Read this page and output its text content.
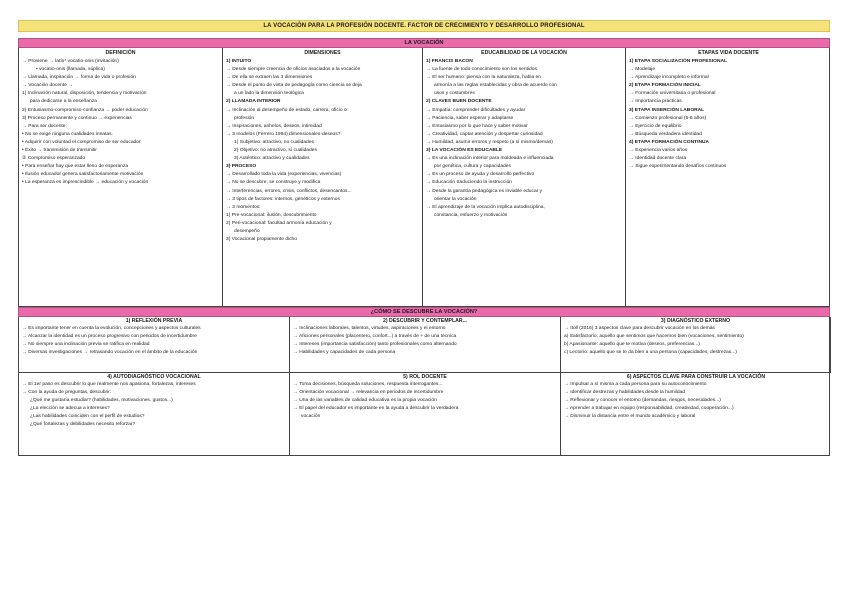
LA VOCACIÓN PARA LA PROFESIÓN DOCENTE. FACTOR DE CRECIMIENTO Y DESARROLLO PROFESIONAL
LA VOCACIÓN
DEFINICIÓN
→ Proviene → latín* vocatio-onis (invitación)
• vocatio-onis (llamada, súplica)
→ Llamada, inspiración → forma de vida o profesión
→ Vocación docente →
1) Inclinación natural, disposición, tendencia y motivación
para dedicarse a la enseñanza
2) Entusiasmo-compromiso-confianza → poder educación
3) Proceso permanente y continuo → experiencias
→ Para ser docente:
• No se exige ninguna cualidades innatas.
• Adquirir con voluntad el compromiso de ser educador
• Éxito → transmisión de transmitir
② Compromiso esperanzado
• Para enseñar hay que estar lleno de esperanza
• Ilusión educador genera satisfactoriamente motivación
• La esperanza es imprescindible → educación y vocación
DIMENSIONES
1) INTUITO
→ Desde siempre creencia de oficios asociados a la vocación
→ De ella se extraen las 3 dimensiones
→ Desde el punto de vista de pedagogía como ciencia se deja
a un lado la dimensión teológica
2) LLAMADA INTERIOR
→ Inclinación al desempeño de estado, carrera, oficio o
profesión
→ Inspiraciones, anhelos, deseos, intimidad
→ 3 modelos (Ferrero 1994) dimensionales-deseos?
1) Subjetivo: atractivo, no cualidades
2) Objetivo: no atractivo, sí cualidades
3) Auténtico: atractivo y cualidades
3) PROCESO
→ Desarrollado toda la vida (experiencias, vivencias)
→ No se descubre, se construye y modifica
→ Interferencias, errores, crisis, conflictos, desencantos...
→ 3 tipos de factores: internos, genéticos y externos
→ 3 momentos:
1) Pre-vocacional: ilusión, descubrimiento
2) Peri-vocacional: facultad armonía educación y
desempeño
3) Vocacional propiamente dicho
EDUCABILIDAD DE LA VOCACIÓN
1) FRANCIS BACON
→ La fuente de todo conocimiento son los sentidos
→ El ser humano: piensa con la naturaleza, habla en
armonía a las reglas establecidas y obra de acuerdo con
usos y costumbres
2) CLAVES BUEN DOCENTE
→ Empatía: comprender dificultades y ayudar
→ Paciencia, saber esperar y adaptarse
→ Entusiasmo por lo que hace y saber motivar
→ Creatividad, captar atención y despertar curiosidad
→ Humildad, asumir errores y respeto (a sí mismo/demás)
3) LA VOCACIÓN ES EDUCABLE
→ Es una inclinación interior para moldeada e influenciada
por genética, cultura y capacidades
→ Es un proceso de ayuda y desarrollo perfectivo
→ Educación traduciendo la instrucción
→ Desde la garantía pedagógica es inviable educar y
orientar la vocación
→ El aprendizaje de la vocación implica autodisciplina,
constancia, esfuerzo y motivación
ETAPAS VIDA DOCENTE
1) ETAPA SOCIALIZACIÓN PROFESIONAL
→ Modelaje
→ Aprendizaje incompleto e informal
2) ETAPA FORMACIÓN INICIAL
→ Formación universitaria o profesional
→ Importancia prácticas
3) ETAPA INSERCIÓN LABORAL
→ Comienzo profesional (5-6 años)
→ Ejercicio de equilibrio
→ Búsqueda verdadera identidad
4) ETAPA FORMACIÓN CONTINUA
→ Experiencia varios años
→ Identidad docente clara
→ Sigue experimentando desafíos continuos
¿CÓMO SE DESCUBRE LA VOCACIÓN?
1) REFLEXIÓN PREVIA
→ Es importante tener en cuenta la evolución, concepciones y aspectos culturales
→ Alcanzar la identidad es un proceso progresivo con periodos de incertidumbre
→ No siempre una inclinación previa se ratifica en realidad
→ Diversas investigaciones → retrasando vocación en el ámbito de la educación
2) DESCUBRIR Y CONTEMPLAR...
→ Inclinaciones laborales, talentos, virtudes, aspiraciones y el entorno
→ Aficiones personales (placentero, confort...) a través de + de una técnica
→ Intereses (importancia satisfacción) tanto profesionales como alternando
→ Habilidades y capacidades de cada persona
3) DIAGNÓSTICO EXTERNO
→ Itoll (2016) 3 aspectos clave para descubrir vocación en los demás
a) Satisfactorio: aquello que sentimos que hacemos bien (vocaciones, sentimiento)
b) Apasionante: aquello que te motiva (deseos, preferencias...)
c) Lectorio: aquello que se te da bien a una persona (capacidades, destrezas...)
4) AUTODIAGNÓSTICO VOCACIONAL
→ El 1er paso es descubrir lo que realmente nos apasiona, fortalezas, intereses
→ Con la ayuda de preguntas, descubrir:
¿Qué me gustaría estudiar? (habilidades, motivaciones, gustos...)
¿La elección se adecua a intereses?
¿Las habilidades coinciden con el perfil de estudios?
¿Qué fortalezas y debilidades necesito reforzar?
5) ROL DOCENTE
→ Toma decisiones, búsqueda soluciones, respuesta interrogantes...
→ Orientación vocacional → relevancia en periodos de incertidumbre
→ Una de las variables de calidad educativa es la propia vocación
→ El papel del educador es importante en la ayuda a descubrir la verdadera
vocación
6) ASPECTOS CLAVE PARA CONSTRUIR LA VOCACIÓN
→ Impulsar a sí misma a cada persona para su autoconocimiento
→ Identificar destrezas y habilidades desde la humildad
→ Reflexionar y conocer el entorno (demandas, riesgos, necesidades...)
→ Aprender a trabajar en equipo (responsabilidad, creatividad, cooperación...)
→ Disminuir la distancia entre el mundo académico y laboral
